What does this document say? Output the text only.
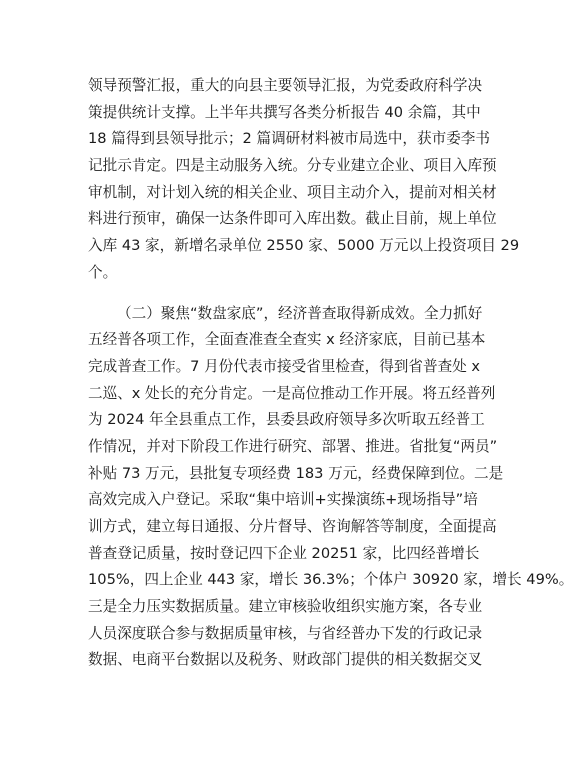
领导预警汇报，重大的向县主要领导汇报，为党委政府科学决
策提供统计支撑。上半年共撰写各类分析报告 40 余篇，其中
18 篇得到县领导批示；2 篇调研材料被市局选中，获市委李书
记批示肯定。四是主动服务入统。分专业建立企业、项目入库预
审机制，对计划入统的相关企业、项目主动介入，提前对相关材
料进行预审，确保一达条件即可入库出数。截止目前，规上单位
入库 43 家，新增名录单位 2550 家、5000 万元以上投资项目 29
个。
（二）聚焦“数盘家底”，经济普查取得新成效。全力抓好
五经普各项工作，全面查准查全查实 x 经济家底，目前已基本
完成普查工作。7 月份代表市接受省里检查，得到省普查处 x
二巡、x 处长的充分肯定。一是高位推动工作开展。将五经普列
为 2024 年全县重点工作，县委县政府领导多次听取五经普工
作情况，并对下阶段工作进行研究、部署、推进。省批复“两员”
补贴 73 万元，县批复专项经费 183 万元，经费保障到位。二是
高效完成入户登记。采取“集中培训+实操演练+现场指导”培
训方式，建立每日通报、分片督导、咨询解答等制度，全面提高
普查登记质量，按时登记四下企业 20251 家，比四经普增长
105%，四上企业 443 家，增长 36.3%；个体户 30920 家，增长 49%。
三是全力压实数据质量。建立审核验收组织实施方案，各专业
人员深度联合参与数据质量审核，与省经普办下发的行政记录
数据、电商平台数据以及税务、财政部门提供的相关数据交叉
